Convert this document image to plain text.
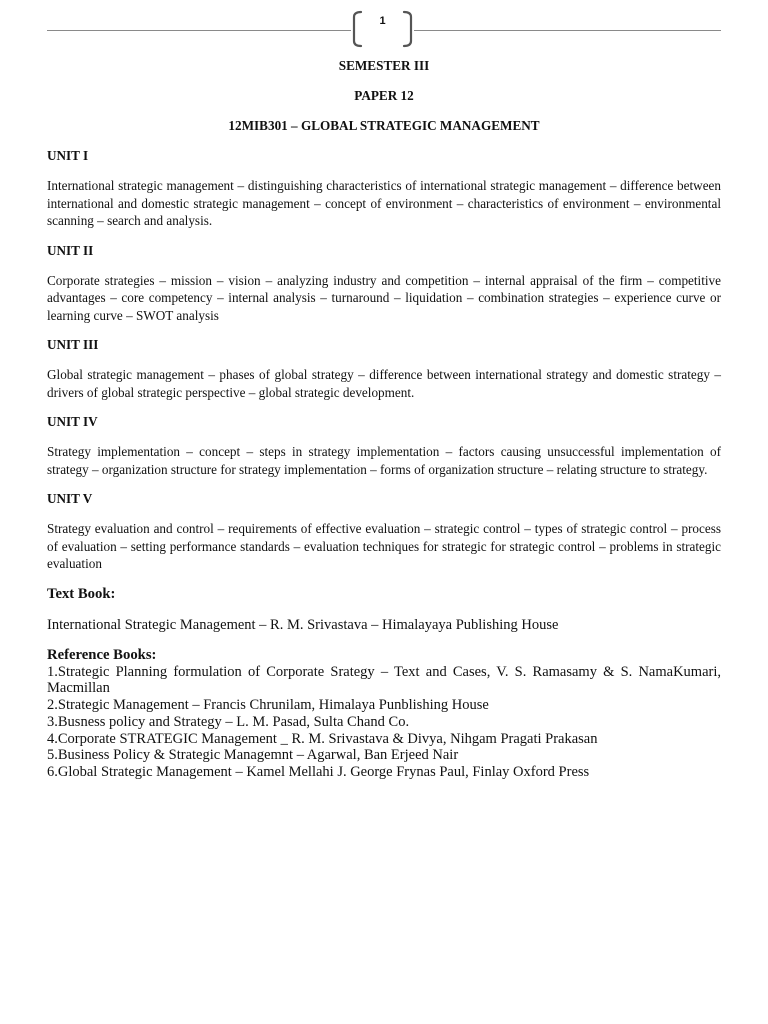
1

SEMESTER III

PAPER 12

12MIB301 – GLOBAL STRATEGIC MANAGEMENT

UNIT I

International strategic management – distinguishing characteristics of international strategic management – difference between international and domestic strategic management – concept of environment – characteristics of environment – environmental scanning – search and analysis.

UNIT II

Corporate strategies – mission – vision – analyzing industry and competition – internal appraisal of the firm – competitive advantages – core competency – internal analysis – turnaround – liquidation – combination strategies – experience curve or learning curve – SWOT analysis

UNIT III

Global strategic management – phases of global strategy – difference between international strategy and domestic strategy – drivers of global strategic perspective – global strategic development.

UNIT IV

Strategy implementation – concept – steps in strategy implementation – factors causing unsuccessful implementation of strategy – organization structure for strategy implementation – forms of organization structure – relating structure to strategy.

UNIT V

Strategy evaluation and control – requirements of effective evaluation – strategic control – types of strategic control – process of evaluation – setting performance standards – evaluation techniques for strategic for strategic control – problems in strategic evaluation

Text Book:

International Strategic Management – R. M. Srivastava – Himalayaya Publishing House

Reference Books:

1.Strategic Planning formulation of Corporate Srategy – Text and Cases, V. S. Ramasamy & S. NamaKumari, Macmillan
2.Strategic Management – Francis Chrunilam, Himalaya Punblishing House
3.Busness policy and Strategy – L. M. Pasad, Sulta Chand Co.
4.Corporate STRATEGIC Management _ R. M. Srivastava & Divya, Nihgam Pragati Prakasan
5.Business Policy & Strategic Managemnt – Agarwal, Ban Erjeed Nair
6.Global Strategic Management – Kamel Mellahi J. George Frynas Paul, Finlay Oxford Press
